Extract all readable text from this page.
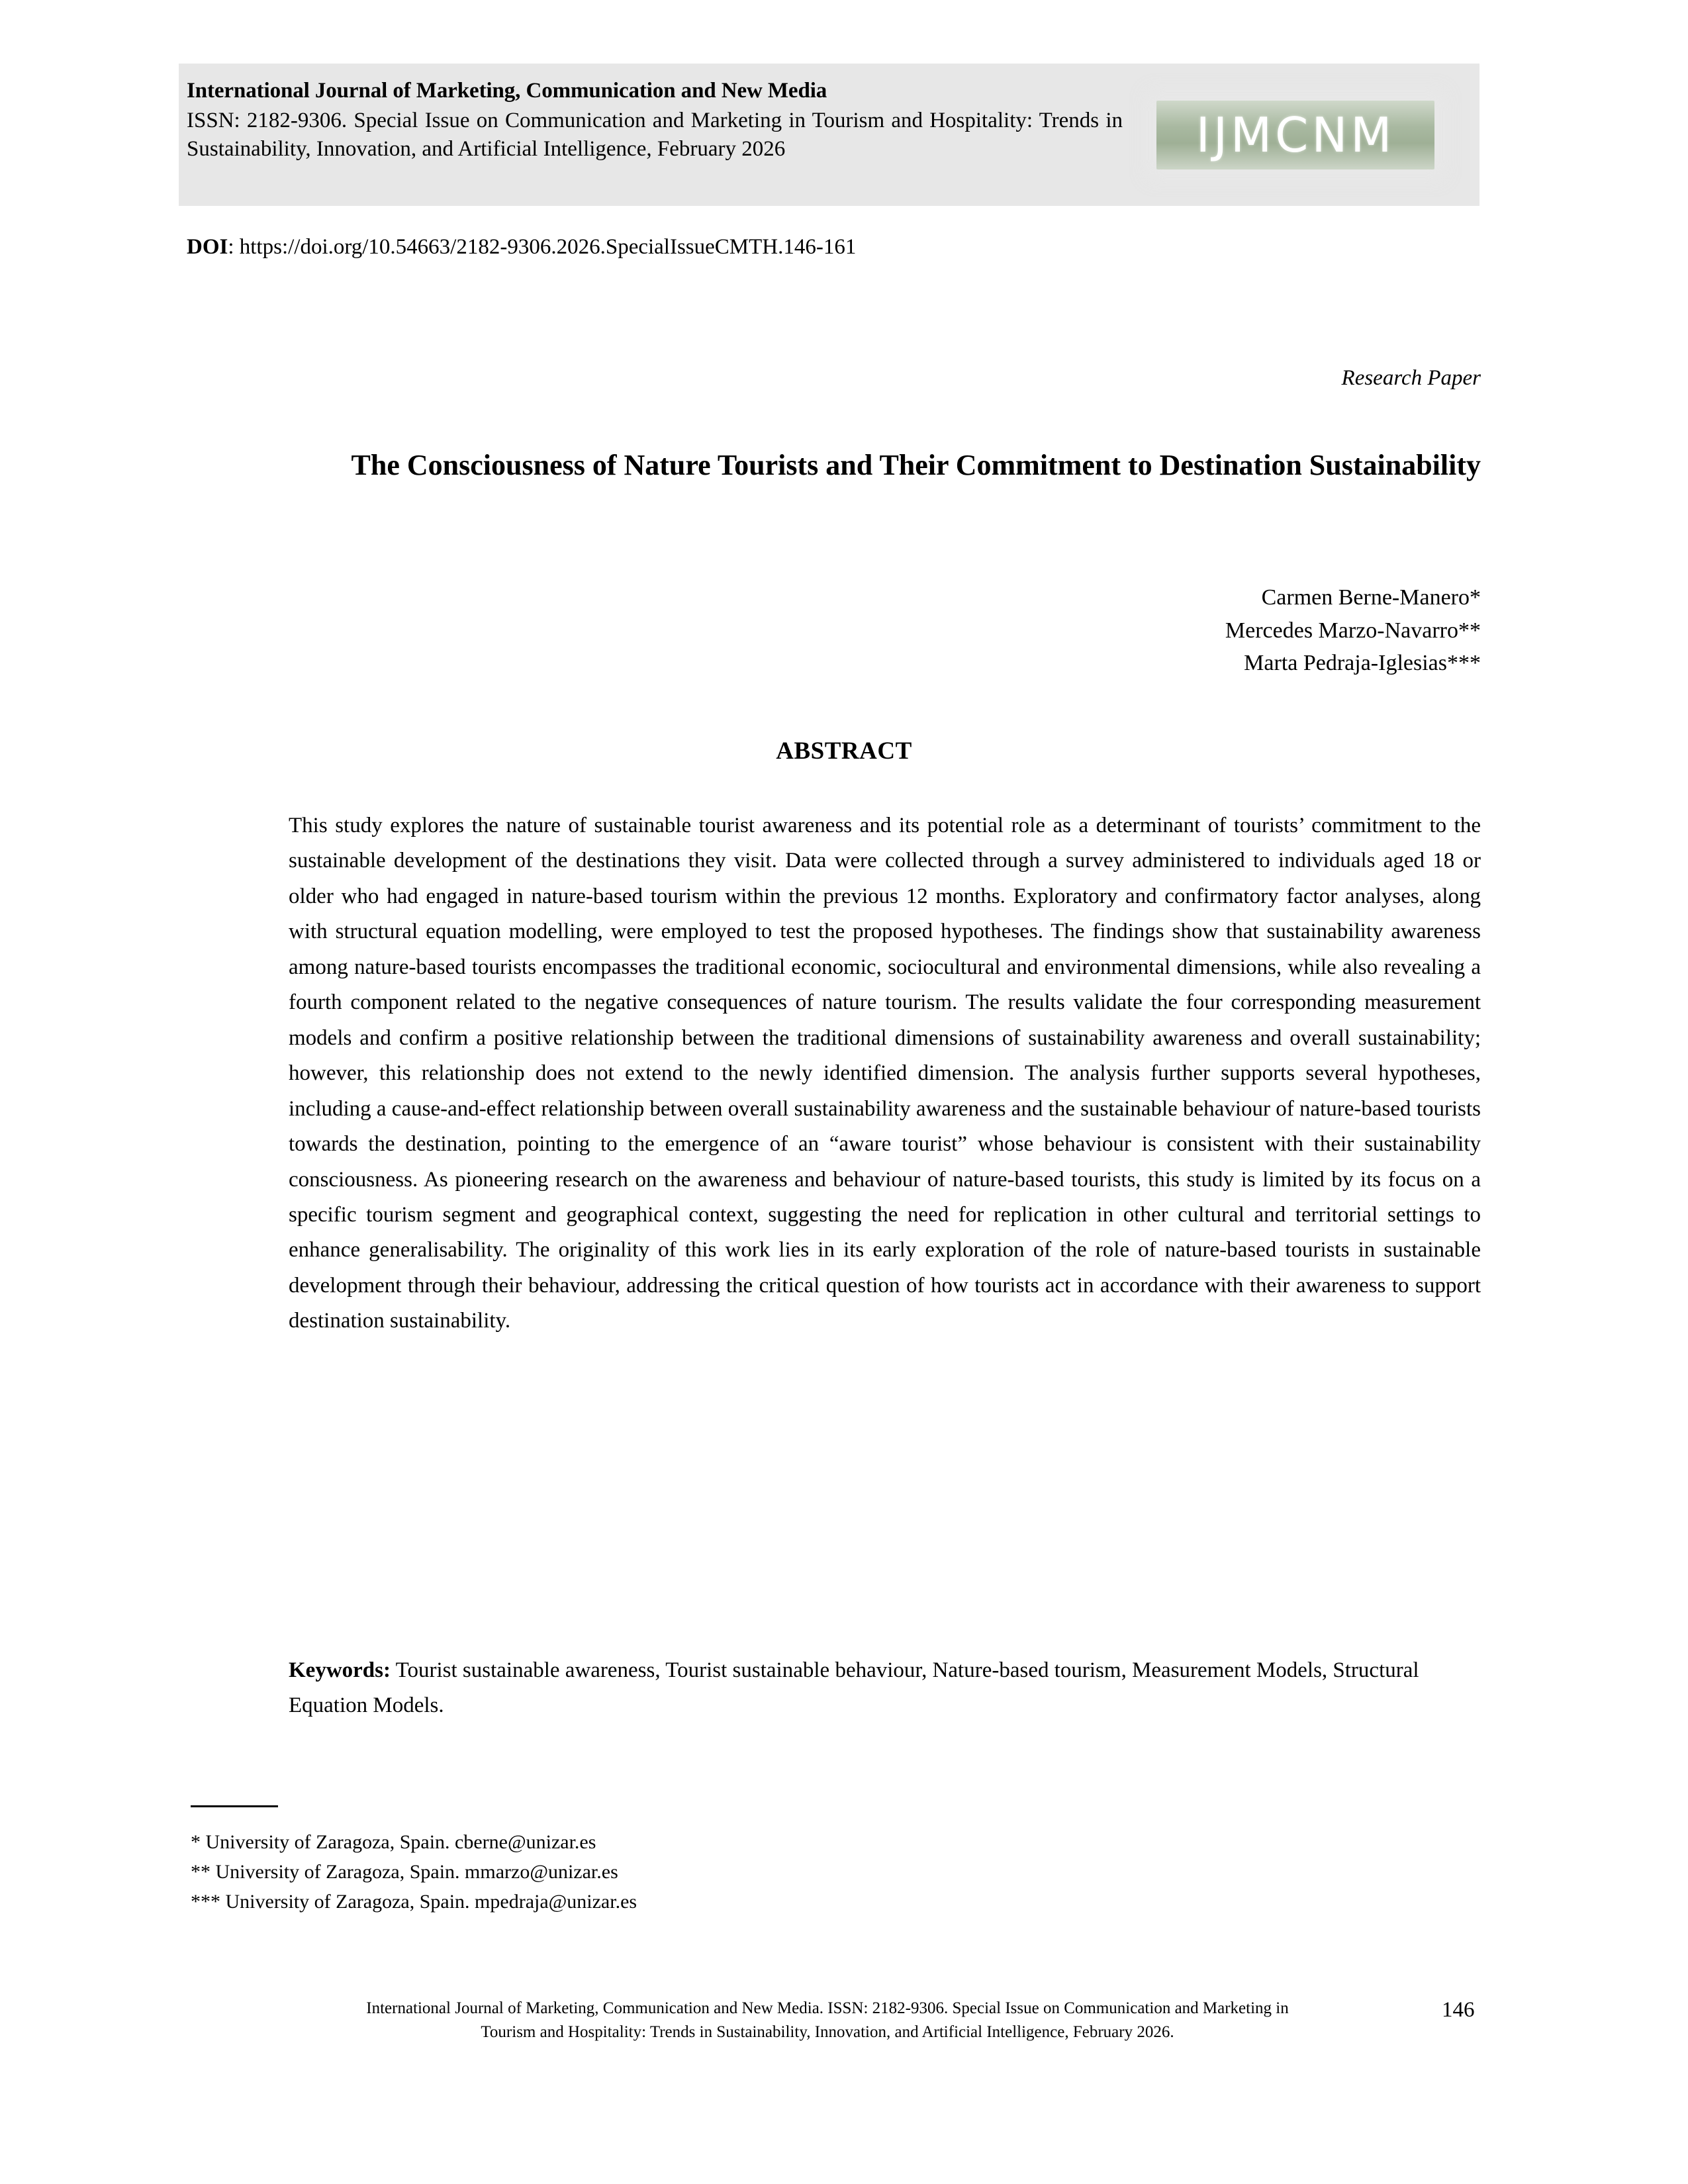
International Journal of Marketing, Communication and New Media
ISSN: 2182-9306. Special Issue on Communication and Marketing in Tourism and Hospitality: Trends in Sustainability, Innovation, and Artificial Intelligence, February 2026	IJMCNM
DOI: https://doi.org/10.54663/2182-9306.2026.SpecialIssueCMTH.146-161
Research Paper
The Consciousness of Nature Tourists and Their Commitment to Destination Sustainability
Carmen Berne-Manero*
Mercedes Marzo-Navarro**
Marta Pedraja-Iglesias***
ABSTRACT
This study explores the nature of sustainable tourist awareness and its potential role as a determinant of tourists’ commitment to the sustainable development of the destinations they visit. Data were collected through a survey administered to individuals aged 18 or older who had engaged in nature-based tourism within the previous 12 months. Exploratory and confirmatory factor analyses, along with structural equation modelling, were employed to test the proposed hypotheses. The findings show that sustainability awareness among nature-based tourists encompasses the traditional economic, sociocultural and environmental dimensions, while also revealing a fourth component related to the negative consequences of nature tourism. The results validate the four corresponding measurement models and confirm a positive relationship between the traditional dimensions of sustainability awareness and overall sustainability; however, this relationship does not extend to the newly identified dimension. The analysis further supports several hypotheses, including a cause-and-effect relationship between overall sustainability awareness and the sustainable behaviour of nature-based tourists towards the destination, pointing to the emergence of an “aware tourist” whose behaviour is consistent with their sustainability consciousness. As pioneering research on the awareness and behaviour of nature-based tourists, this study is limited by its focus on a specific tourism segment and geographical context, suggesting the need for replication in other cultural and territorial settings to enhance generalisability. The originality of this work lies in its early exploration of the role of nature-based tourists in sustainable development through their behaviour, addressing the critical question of how tourists act in accordance with their awareness to support destination sustainability.
Keywords: Tourist sustainable awareness, Tourist sustainable behaviour, Nature-based tourism, Measurement Models, Structural Equation Models.
* University of Zaragoza, Spain. cberne@unizar.es
** University of Zaragoza, Spain. mmarzo@unizar.es
*** University of Zaragoza, Spain. mpedraja@unizar.es
International Journal of Marketing, Communication and New Media. ISSN: 2182-9306. Special Issue on Communication and Marketing in
Tourism and Hospitality: Trends in Sustainability, Innovation, and Artificial Intelligence, February 2026.
146
